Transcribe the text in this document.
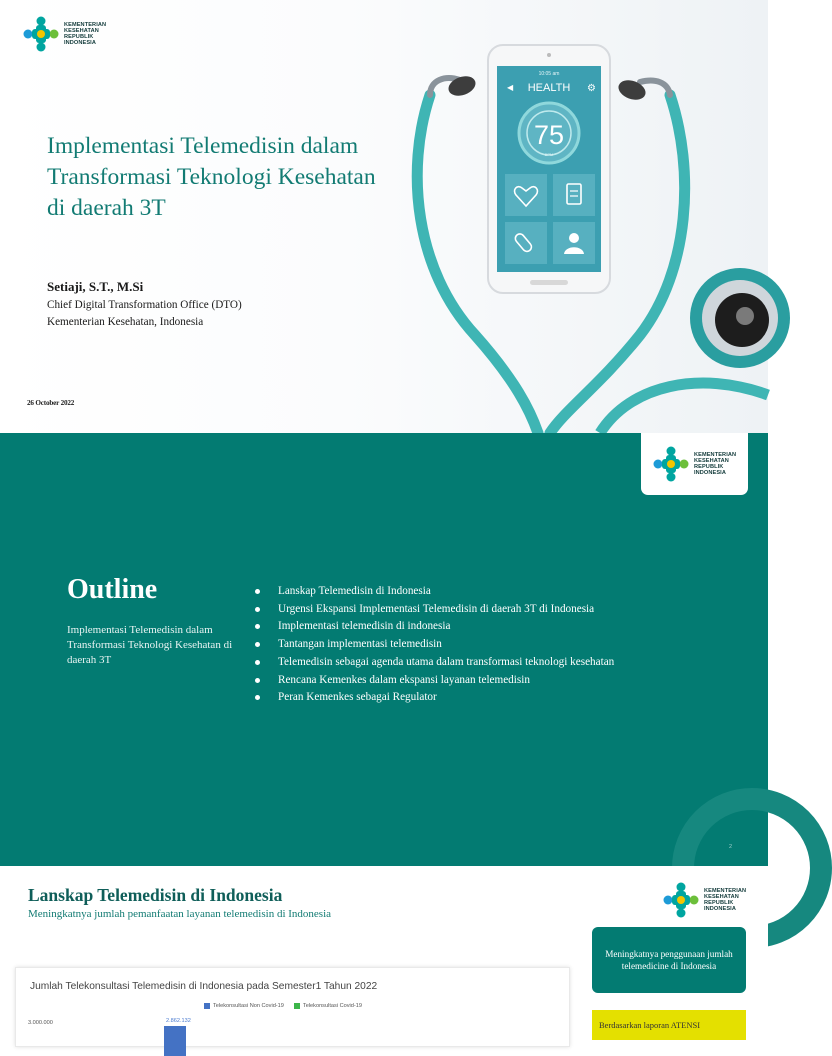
KEMENTERIAN
KESEHATAN
REPUBLIK
INDONESIA
Implementasi Telemedisin dalam
Transformasi Teknologi Kesehatan
di daerah 3T
Setiaji, S.T., M.Si
Chief Digital Transformation Office (DTO)
Kementerian Kesehatan, Indonesia
26 October 2022
10:05 am
HEALTH
◀	⚙
75
BPM
KEMENTERIAN
KESEHATAN
REPUBLIK
INDONESIA
Outline
Implementasi Telemedisin dalam Transformasi Teknologi Kesehatan di daerah 3T
Lanskap Telemedisin di Indonesia
Urgensi Ekspansi Implementasi Telemedisin di daerah 3T di Indonesia
Implementasi telemedisin di indonesia
Tantangan implementasi telemedisin
Telemedisin sebagai agenda utama dalam transformasi teknologi kesehatan
Rencana Kemenkes dalam ekspansi layanan telemedisin
Peran Kemenkes sebagai Regulator
2
Lanskap Telemedisin di Indonesia
Meningkatnya jumlah pemanfaatan layanan telemedisin di Indonesia
KEMENTERIAN
KESEHATAN
REPUBLIK
INDONESIA
Meningkatnya penggunaan jumlah telemedicine di Indonesia
Berdasarkan laporan ATENSI
Jumlah Telekonsultasi Telemedisin di Indonesia pada Semester1 Tahun 2022
Telekonsultasi Non Covid-19	Telekonsultasi Covid-19
3.000.000	2.862.132
